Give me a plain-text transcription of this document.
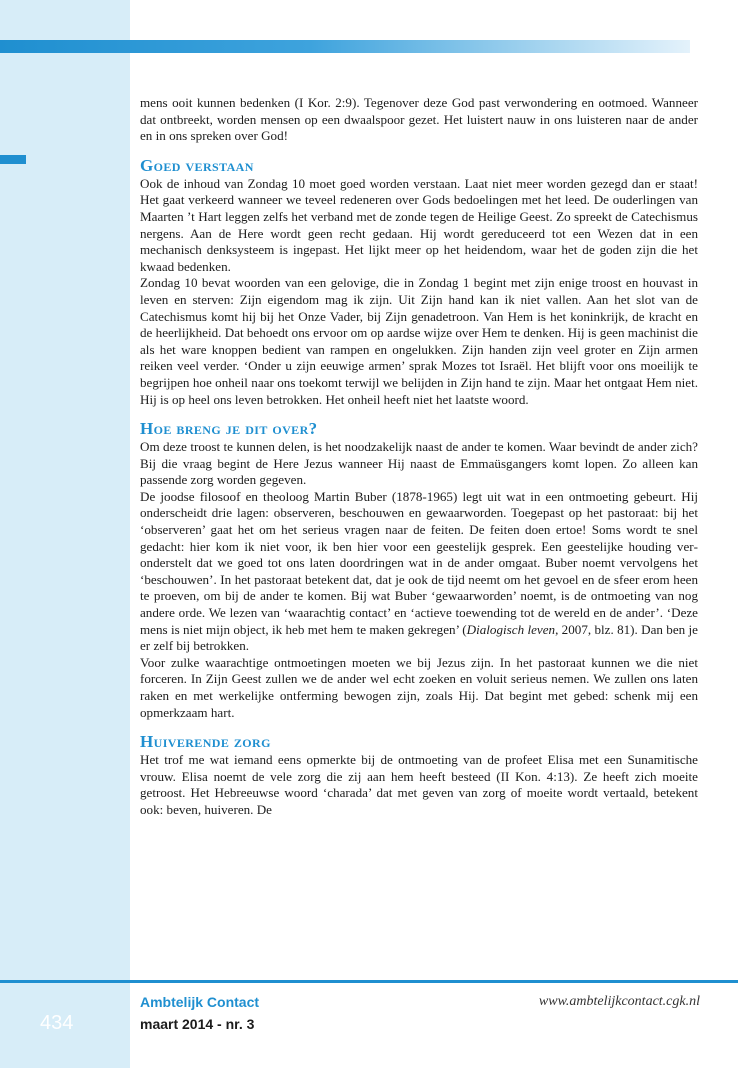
mens ooit kunnen bedenken (I Kor. 2:9). Tegenover deze God past verwondering en ootmoed. Wanneer dat ontbreekt, worden mensen op een dwaalspoor gezet. Het luistert nauw in ons luisteren naar de ander en in ons spreken over God!

Goed verstaan

Ook de inhoud van Zondag 10 moet goed worden verstaan. Laat niet meer worden gezegd dan er staat! Het gaat verkeerd wanneer we teveel redeneren over Gods bedoelingen met het leed. De ouderlingen van Maarten ’t Hart leggen zelfs het verband met de zonde tegen de Heilige Geest. Zo spreekt de Catechismus nergens. Aan de Here wordt geen recht gedaan. Hij wordt gereduceerd tot een Wezen dat in een mechanisch denksysteem is ingepast. Het lijkt meer op het heidendom, waar het de goden zijn die het kwaad bedenken.

Zondag 10 bevat woorden van een gelovige, die in Zondag 1 begint met zijn enige troost en houvast in leven en sterven: Zijn eigendom mag ik zijn. Uit Zijn hand kan ik niet vallen. Aan het slot van de Catechismus komt hij bij het Onze Vader, bij Zijn genadetroon. Van Hem is het koninkrijk, de kracht en de heerlijkheid. Dat behoedt ons ervoor om op aardse wijze over Hem te denken. Hij is geen machinist die als het ware knoppen bedient van rampen en ongelukken. Zijn handen zijn veel groter en Zijn armen reiken veel verder. ‘Onder u zijn eeuwige armen’ sprak Mozes tot Israël. Het blijft voor ons moeilijk te begrijpen hoe onheil naar ons toekomt terwijl we belijden in Zijn hand te zijn. Maar het ontgaat Hem niet. Hij is op heel ons leven betrokken. Het onheil heeft niet het laatste woord.

Hoe breng je dit over?

Om deze troost te kunnen delen, is het noodzakelijk naast de ander te komen. Waar bevindt de ander zich? Bij die vraag begint de Here Jezus wanneer Hij naast de Emmaüsgangers komt lopen. Zo alleen kan passende zorg worden gegeven.

De joodse filosoof en theoloog Martin Buber (1878-1965) legt uit wat in een ontmoeting gebeurt. Hij onderscheidt drie lagen: observeren, beschouwen en gewaarworden. Toegepast op het pastoraat: bij het ‘observeren’ gaat het om het serieus vragen naar de feiten. De feiten doen ertoe! Soms wordt te snel gedacht: hier kom ik niet voor, ik ben hier voor een geestelijk gesprek. Een geestelijke houding veronderstelt dat we goed tot ons laten doordringen wat in de ander omgaat. Buber noemt vervolgens het ‘beschouwen’. In het pastoraat betekent dat, dat je ook de tijd neemt om het gevoel en de sfeer erom heen te proeven, om bij de ander te komen. Bij wat Buber ‘gewaarworden’ noemt, is de ontmoeting van nog andere orde. We lezen van ‘waarachtig contact’ en ‘actieve toewending tot de wereld en de ander’. ‘Deze mens is niet mijn object, ik heb met hem te maken gekregen’ (Dialogisch leven, 2007, blz. 81). Dan ben je er zelf bij betrokken.

Voor zulke waarachtige ontmoetingen moeten we bij Jezus zijn. In het pastoraat kunnen we die niet forceren. In Zijn Geest zullen we de ander wel echt zoeken en voluit serieus nemen. We zullen ons laten raken en met werkelijke ontferming bewogen zijn, zoals Hij. Dat begint met gebed: schenk mij een opmerkzaam hart.

Huiverende zorg

Het trof me wat iemand eens opmerkte bij de ontmoeting van de profeet Elisa met een Sunamitische vrouw. Elisa noemt de vele zorg die zij aan hem heeft besteed (II Kon. 4:13). Ze heeft zich moeite getroost. Het Hebreeuwse woord ‘charada’ dat met geven van zorg of moeite wordt vertaald, betekent ook: beven, huiveren. De

434
Ambtelijk Contact
maart 2014 - nr. 3
www.ambtelijkcontact.cgk.nl
